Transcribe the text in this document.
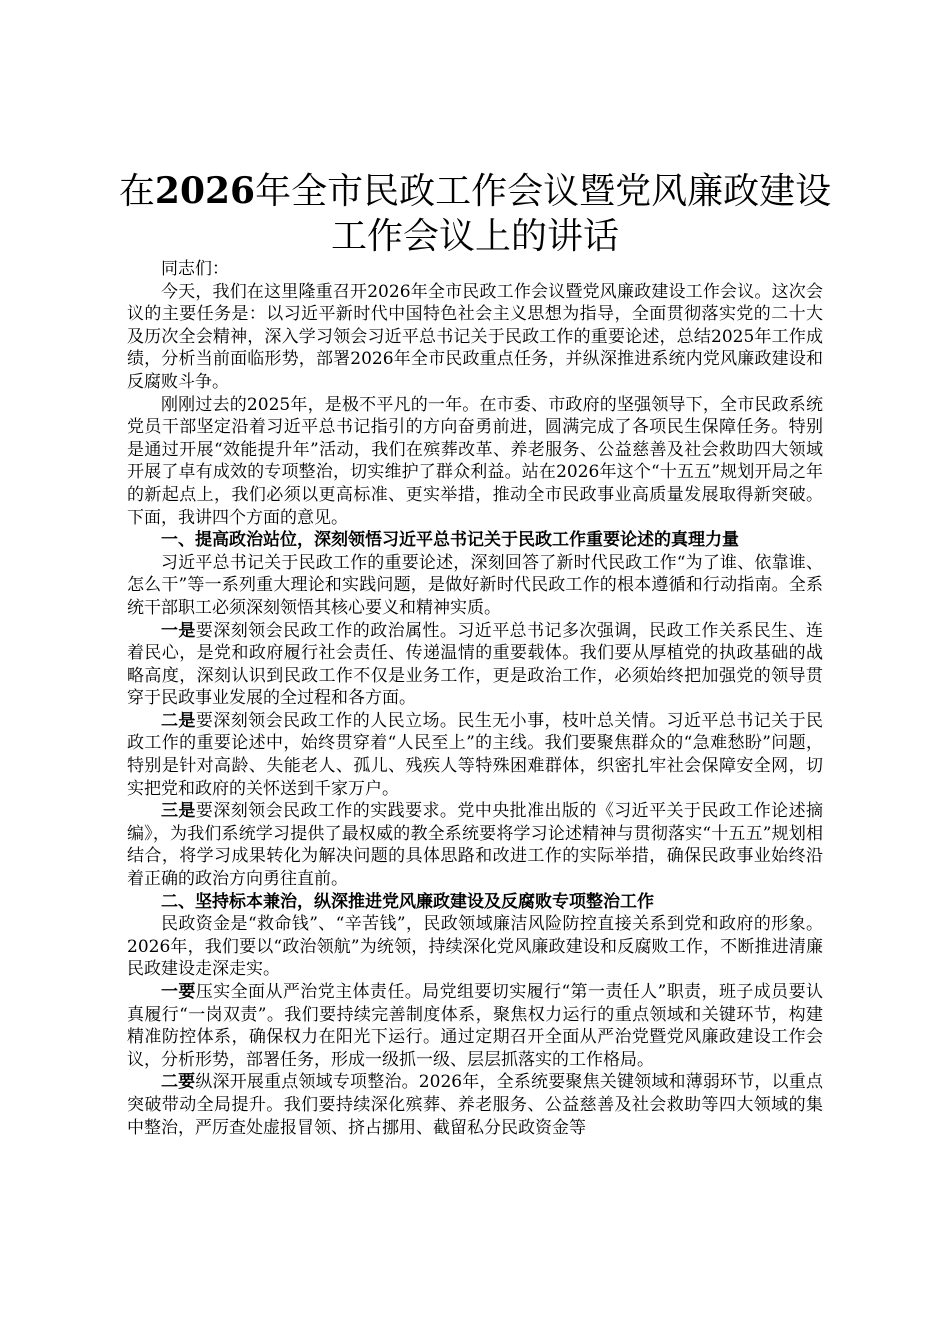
在2026年全市民政工作会议暨党风廉政建设
工作会议上的讲话

同志们：

今天，我们在这里隆重召开2026年全市民政工作会议暨党风廉政建设工作会议。这次会议的主要任务是：以习近平新时代中国特色社会主义思想为指导，全面贯彻落实党的二十大及历次全会精神，深入学习领会习近平总书记关于民政工作的重要论述，总结2025年工作成绩，分析当前面临形势，部署2026年全市民政重点任务，并纵深推进系统内党风廉政建设和反腐败斗争。

刚刚过去的2025年，是极不平凡的一年。在市委、市政府的坚强领导下，全市民政系统党员干部坚定沿着习近平总书记指引的方向奋勇前进，圆满完成了各项民生保障任务。特别是通过开展“效能提升年”活动，我们在殡葬改革、养老服务、公益慈善及社会救助四大领域开展了卓有成效的专项整治，切实维护了群众利益。站在2026年这个“十五五”规划开局之年的新起点上，我们必须以更高标准、更实举措，推动全市民政事业高质量发展取得新突破。下面，我讲四个方面的意见。

一、提高政治站位，深刻领悟习近平总书记关于民政工作重要论述的真理力量

习近平总书记关于民政工作的重要论述，深刻回答了新时代民政工作“为了谁、依靠谁、怎么干”等一系列重大理论和实践问题，是做好新时代民政工作的根本遵循和行动指南。全系统干部职工必须深刻领悟其核心要义和精神实质。

一是要深刻领会民政工作的政治属性。习近平总书记多次强调，民政工作关系民生、连着民心，是党和政府履行社会责任、传递温情的重要载体。我们要从厚植党的执政基础的战略高度，深刻认识到民政工作不仅是业务工作，更是政治工作，必须始终把加强党的领导贯穿于民政事业发展的全过程和各方面。

二是要深刻领会民政工作的人民立场。民生无小事，枝叶总关情。习近平总书记关于民政工作的重要论述中，始终贯穿着“人民至上”的主线。我们要聚焦群众的“急难愁盼”问题，特别是针对高龄、失能老人、孤儿、残疾人等特殊困难群体，织密扎牢社会保障安全网，切实把党和政府的关怀送到千家万户。

三是要深刻领会民政工作的实践要求。党中央批准出版的《习近平关于民政工作论述摘编》，为我们系统学习提供了最权威的教全系统要将学习论述精神与贯彻落实“十五五”规划相结合，将学习成果转化为解决问题的具体思路和改进工作的实际举措，确保民政事业始终沿着正确的政治方向勇往直前。

二、坚持标本兼治，纵深推进党风廉政建设及反腐败专项整治工作

民政资金是“救命钱”、“辛苦钱”，民政领域廉洁风险防控直接关系到党和政府的形象。2026年，我们要以“政治领航”为统领，持续深化党风廉政建设和反腐败工作，不断推进清廉民政建设走深走实。

一要压实全面从严治党主体责任。局党组要切实履行“第一责任人”职责，班子成员要认真履行“一岗双责”。我们要持续完善制度体系，聚焦权力运行的重点领域和关键环节，构建精准防控体系，确保权力在阳光下运行。通过定期召开全面从严治党暨党风廉政建设工作会议，分析形势，部署任务，形成一级抓一级、层层抓落实的工作格局。

二要纵深开展重点领域专项整治。2026年，全系统要聚焦关键领域和薄弱环节，以重点突破带动全局提升。我们要持续深化殡葬、养老服务、公益慈善及社会救助等四大领域的集中整治，严厉查处虚报冒领、挤占挪用、截留私分民政资金等
